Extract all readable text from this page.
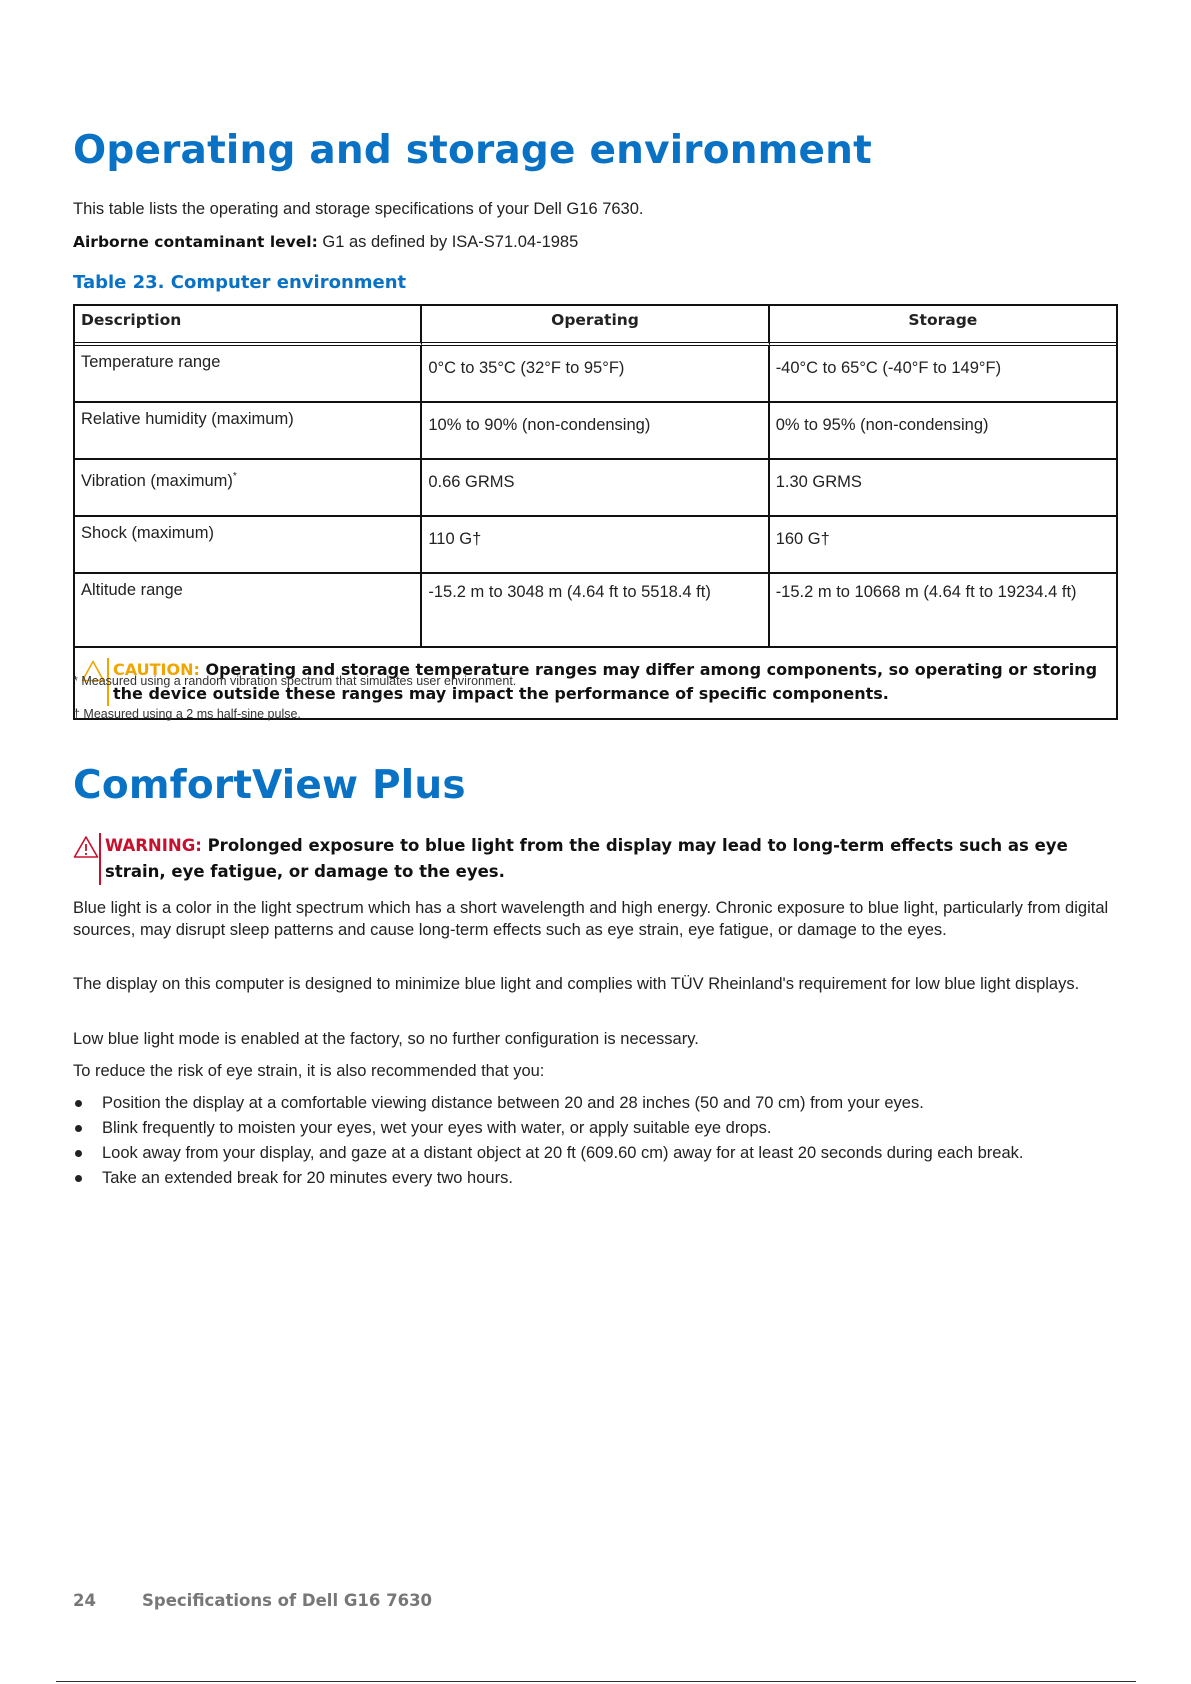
Operating and storage environment

This table lists the operating and storage specifications of your Dell G16 7630.

Airborne contaminant level: G1 as defined by ISA-S71.04-1985

Table 23. Computer environment
Description	Operating	Storage
Temperature range	0°C to 35°C (32°F to 95°F)	-40°C to 65°C (-40°F to 149°F)
Relative humidity (maximum)	10% to 90% (non-condensing)	0% to 95% (non-condensing)
Vibration (maximum)*	0.66 GRMS	1.30 GRMS
Shock (maximum)	110 G†	160 G†
Altitude range	-15.2 m to 3048 m (4.64 ft to 5518.4 ft)	-15.2 m to 10668 m (4.64 ft to 19234.4 ft)

CAUTION: Operating and storage temperature ranges may differ among components, so operating or storing the device outside these ranges may impact the performance of specific components.		
* Measured using a random vibration spectrum that simulates user environment.
† Measured using a 2 ms half-sine pulse.
ComfortView Plus
WARNING: Prolonged exposure to blue light from the display may lead to long-term effects such as eye strain, eye fatigue, or damage to the eyes.

Blue light is a color in the light spectrum which has a short wavelength and high energy. Chronic exposure to blue light, particularly from digital sources, may disrupt sleep patterns and cause long-term effects such as eye strain, eye fatigue, or damage to the eyes.

The display on this computer is designed to minimize blue light and complies with TÜV Rheinland's requirement for low blue light displays.

Low blue light mode is enabled at the factory, so no further configuration is necessary.

To reduce the risk of eye strain, it is also recommended that you:

Position the display at a comfortable viewing distance between 20 and 28 inches (50 and 70 cm) from your eyes.
Blink frequently to moisten your eyes, wet your eyes with water, or apply suitable eye drops.
Look away from your display, and gaze at a distant object at 20 ft (609.60 cm) away for at least 20 seconds during each break.
Take an extended break for 20 minutes every two hours.
24	Specifications of Dell G16 7630
